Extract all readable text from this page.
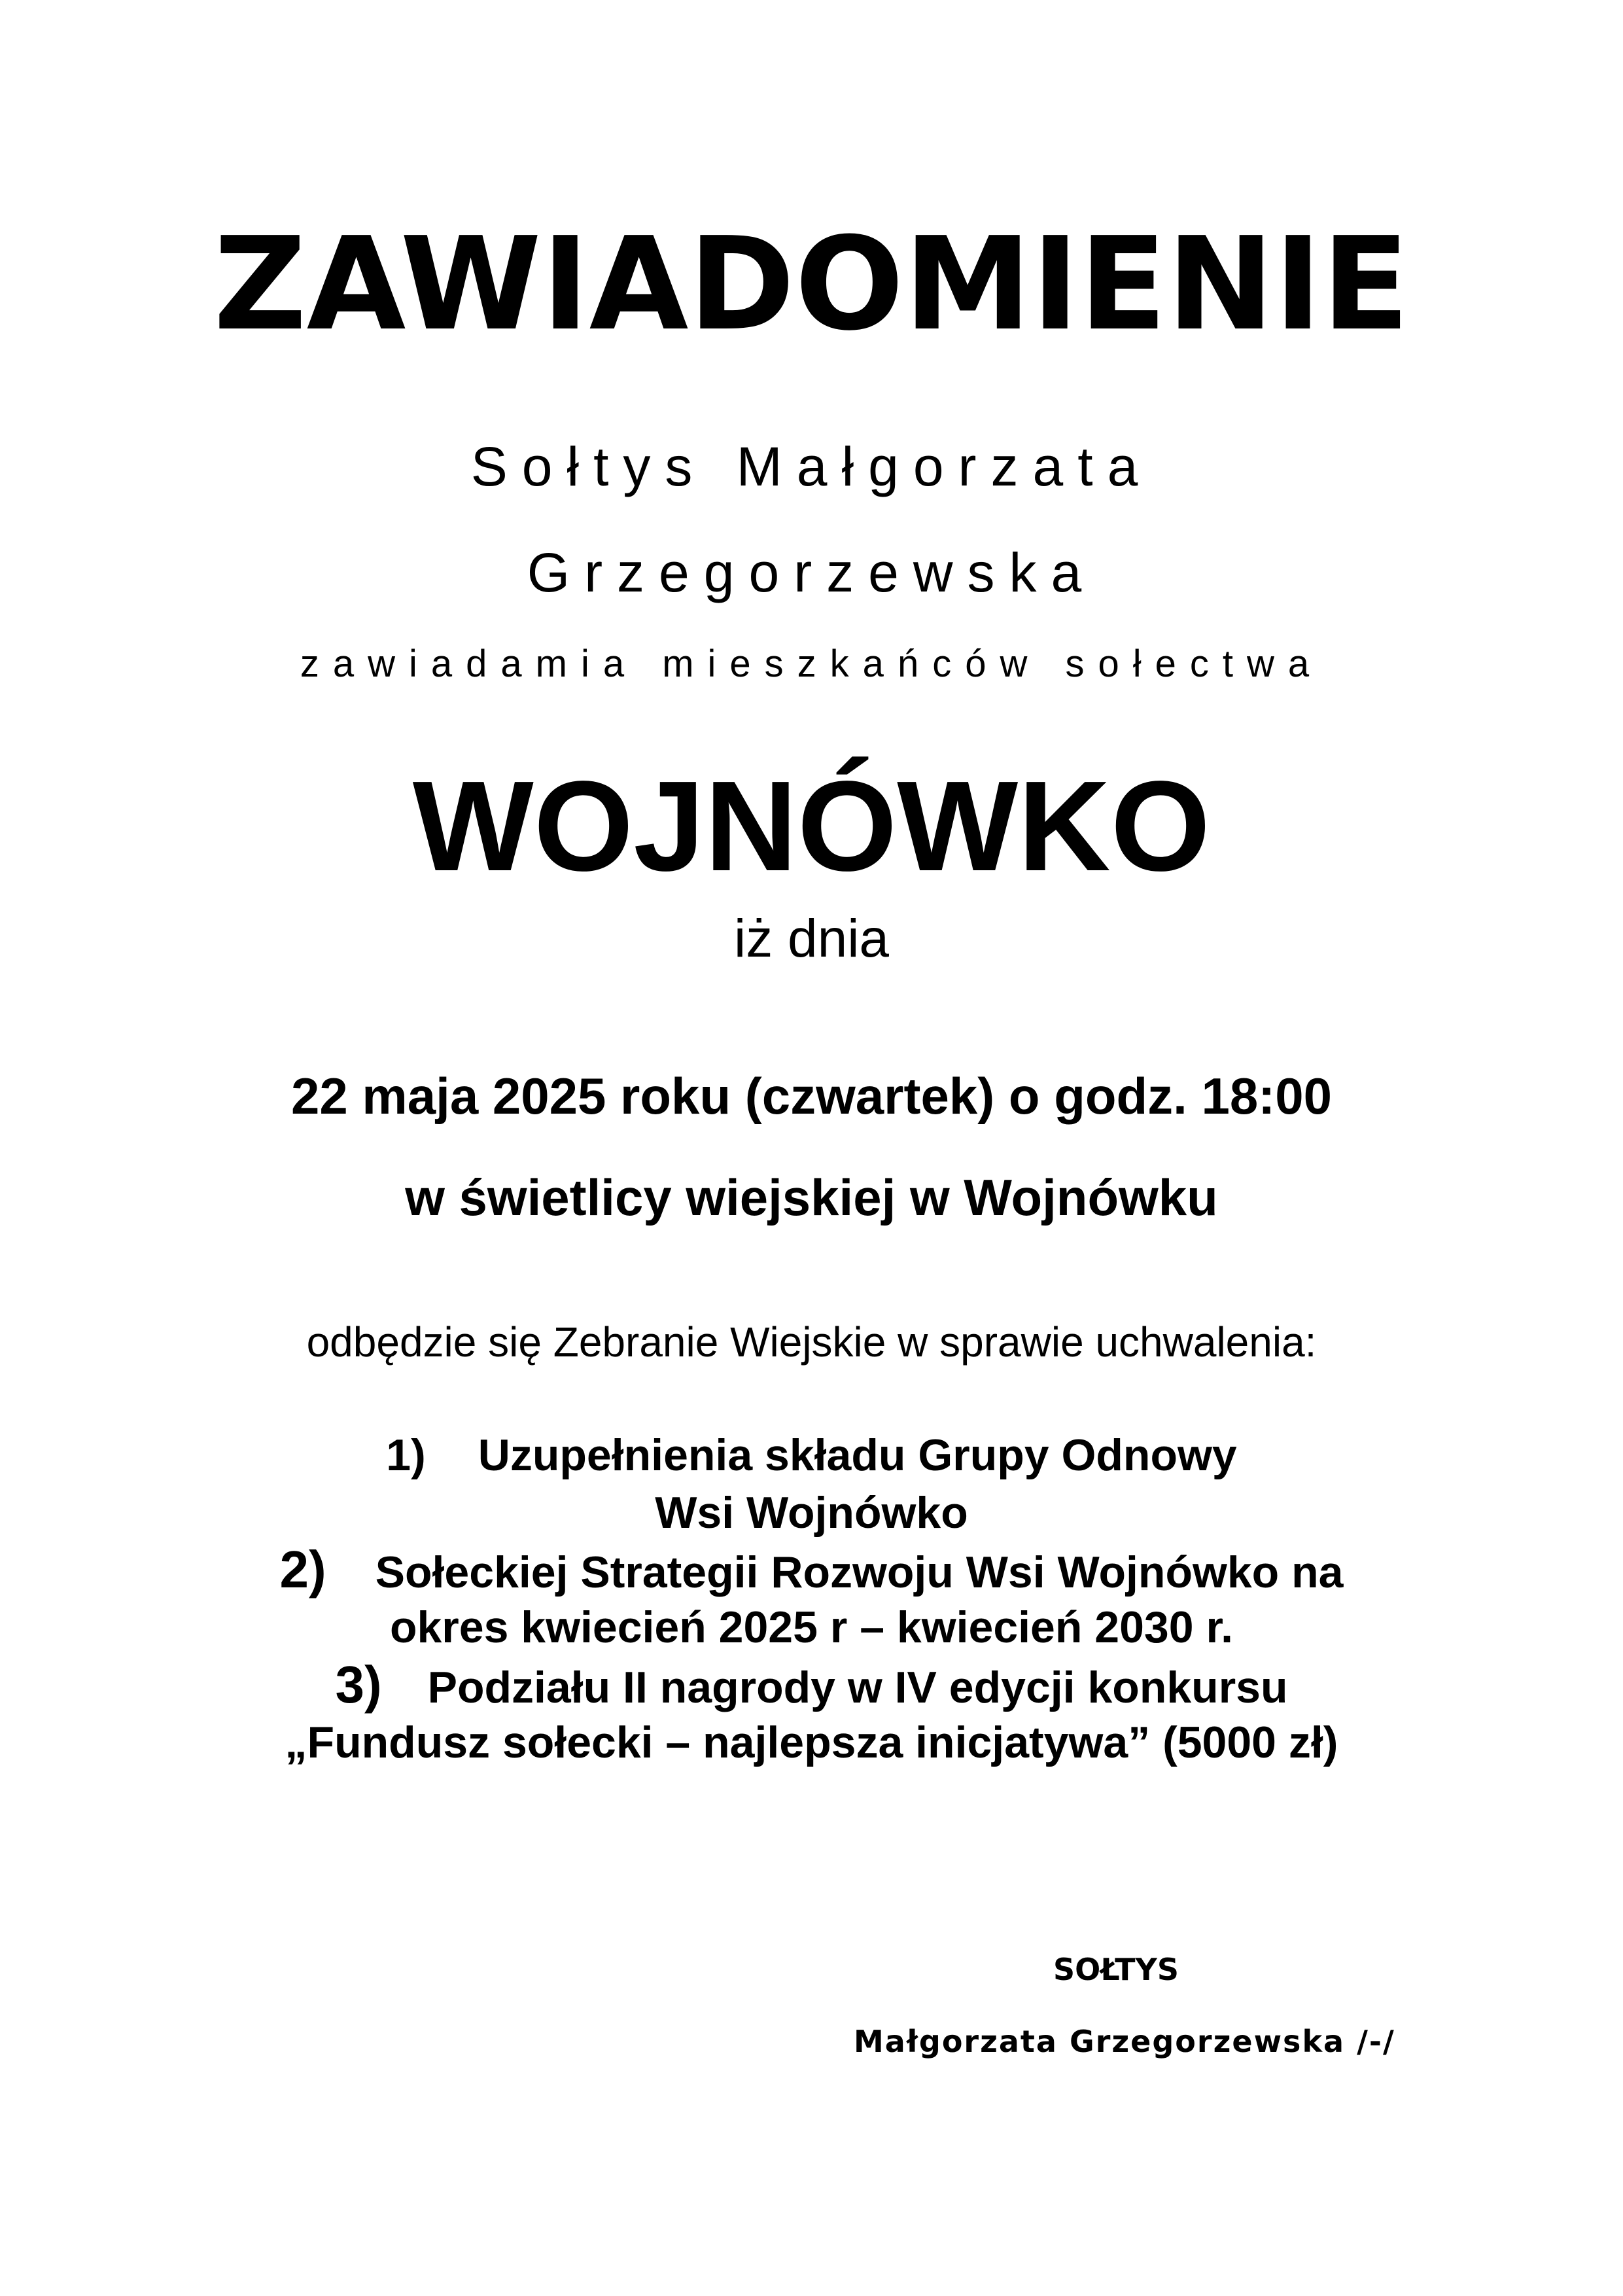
ZAWIADOMIENIE
Sołtys Małgorzata
Grzegorzewska
zawiadamia mieszkańców sołectwa
WOJNÓWKO
iż dnia
22 maja 2025 roku (czwartek) o godz. 18:00
w świetlicy wiejskiej w Wojnówku
odbędzie się Zebranie Wiejskie w sprawie uchwalenia:
1) Uzupełnienia składu Grupy Odnowy
Wsi Wojnówko
2) Sołeckiej Strategii Rozwoju Wsi Wojnówko na
okres kwiecień 2025 r – kwiecień 2030 r.
3) Podziału II nagrody w IV edycji konkursu
„Fundusz sołecki – najlepsza inicjatywa” (5000 zł)
SOŁTYS
Małgorzata Grzegorzewska /-/
